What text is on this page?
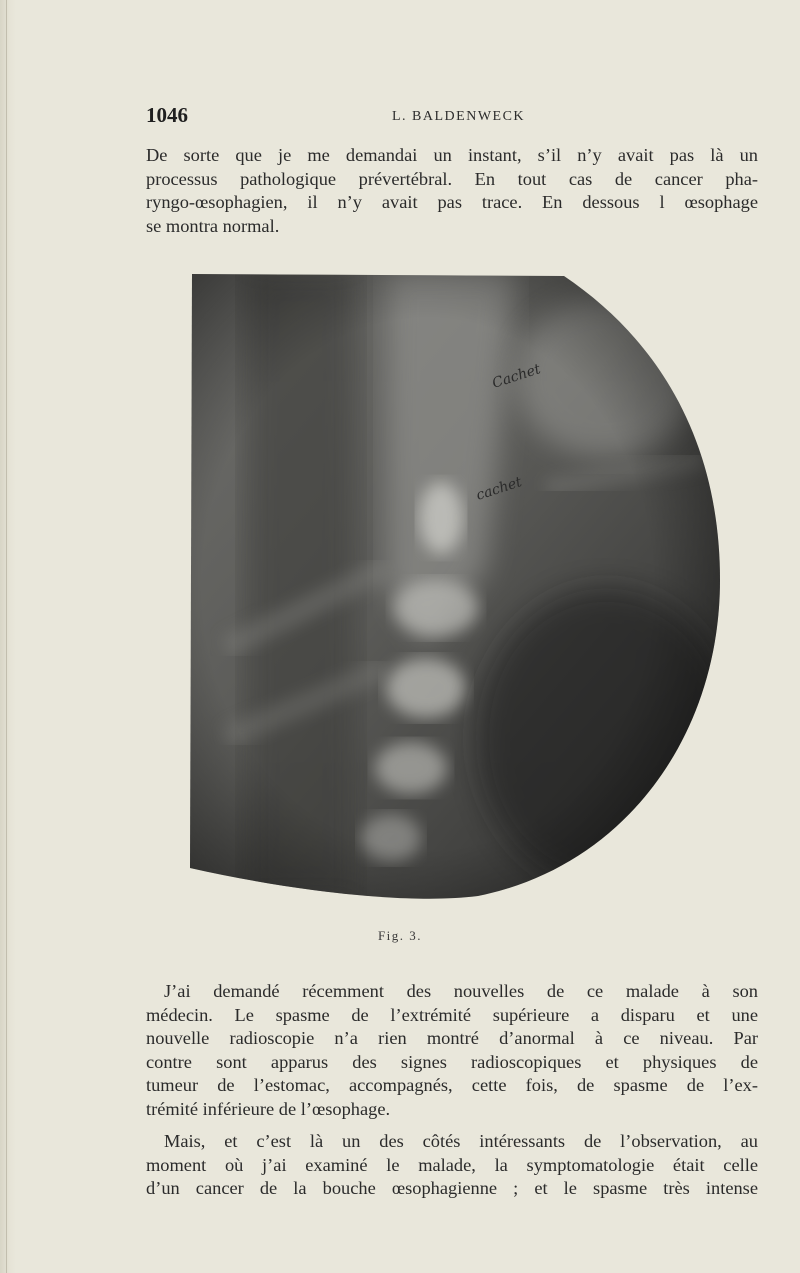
1046	L. BALDENWECK

De sorte que je me demandai un instant, s’il n’y avait pas là un
processus pathologique prévertébral. En tout cas de cancer pha-
ryngo-œsophagien, il n’y avait pas trace. En dessous l œsophage
se montra normal.

Cachet
cachet
Fig. 3.

J’ai demandé récemment des nouvelles de ce malade à son
médecin. Le spasme de l’extrémité supérieure a disparu et une
nouvelle radioscopie n’a rien montré d’anormal à ce niveau. Par
contre sont apparus des signes radioscopiques et physiques de
tumeur de l’estomac, accompagnés, cette fois, de spasme de l’ex-
trémité inférieure de l’œsophage.

Mais, et c’est là un des côtés intéressants de l’observation, au
moment où j’ai examiné le malade, la symptomatologie était celle
d’un cancer de la bouche œsophagienne ; et le spasme très intense
